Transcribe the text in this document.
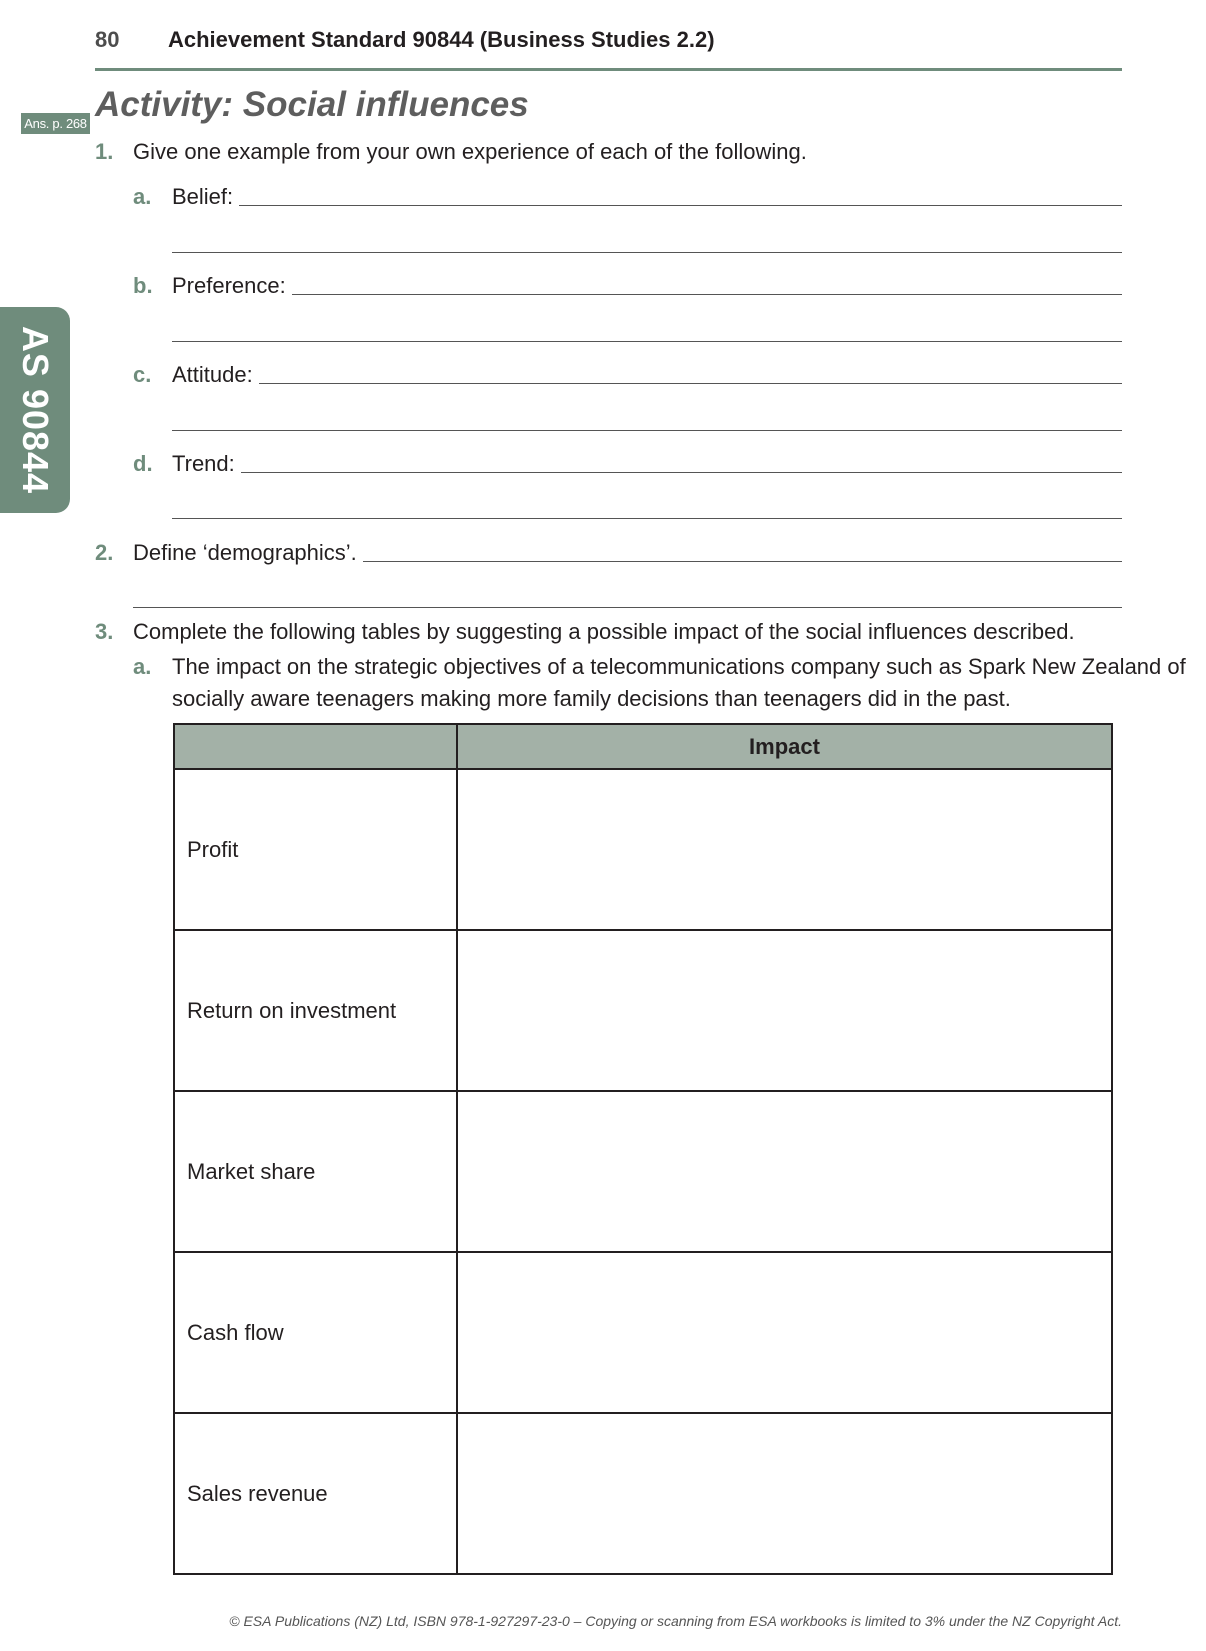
80 Achievement Standard 90844 (Business Studies 2.2)
Ans. p. 268 Activity: Social influences
AS 90844
1. Give one example from your own experience of each of the following.
a. Belief:
b. Preference:
c. Attitude:
d. Trend:
2. Define ‘demographics’.
3. Complete the following tables by suggesting a possible impact of the social influences described.
a. The impact on the strategic objectives of a telecommunications company such as Spark New Zealand of
socially aware teenagers making more family decisions than teenagers did in the past.
	Impact
Profit	
Return on investment	
Market share	
Cash flow	
Sales revenue	
© ESA Publications (NZ) Ltd, ISBN 978-1-927297-23-0 – Copying or scanning from ESA workbooks is limited to 3% under the NZ Copyright Act.
